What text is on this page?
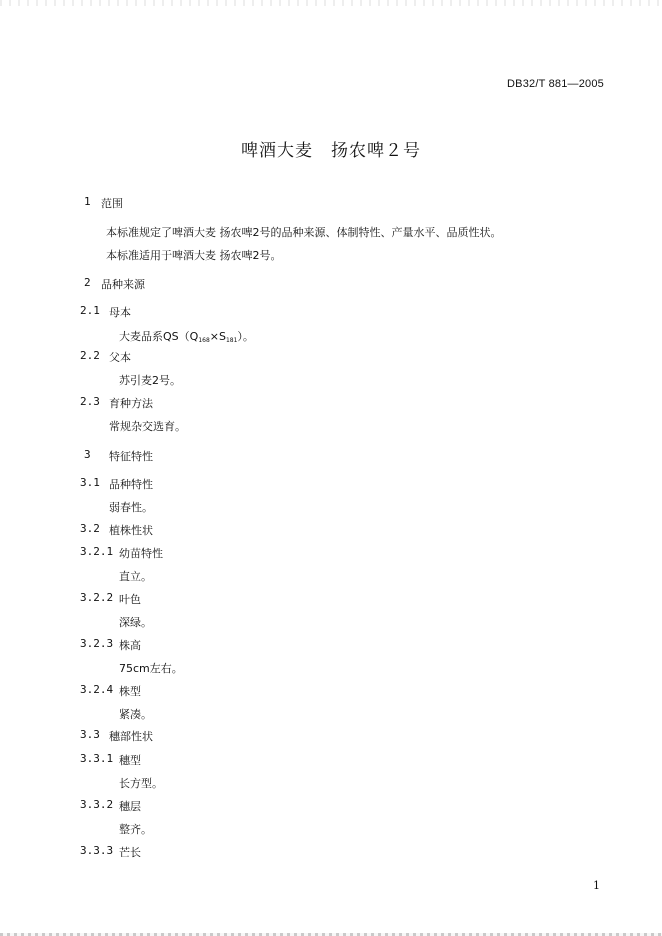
DB32/T 881—2005
啤酒大麦　扬农啤２号
1 范围
本标准规定了啤酒大麦 扬农啤2号的品种来源、体制特性、产量水平、品质性状。
本标准适用于啤酒大麦 扬农啤2号。
2 品种来源
2.1 母本
大麦品系$QS(Q_{168}\times S_{181})$。
2.2 父本
苏引麦2号。
2.3 育种方法
常规杂交选育。
3 特征特性
3.1 品种特性
弱春性。
3.2 植株性状
3.2.1 幼苗特性
直立。
3.2.2 叶色
深绿。
3.2.3 株高
75cm左右。
3.2.4 株型
紧凑。
3.3 穗部性状
3.3.1 穗型
长方型。
3.3.2 穗层
整齐。
3.3.3 芒长
1
